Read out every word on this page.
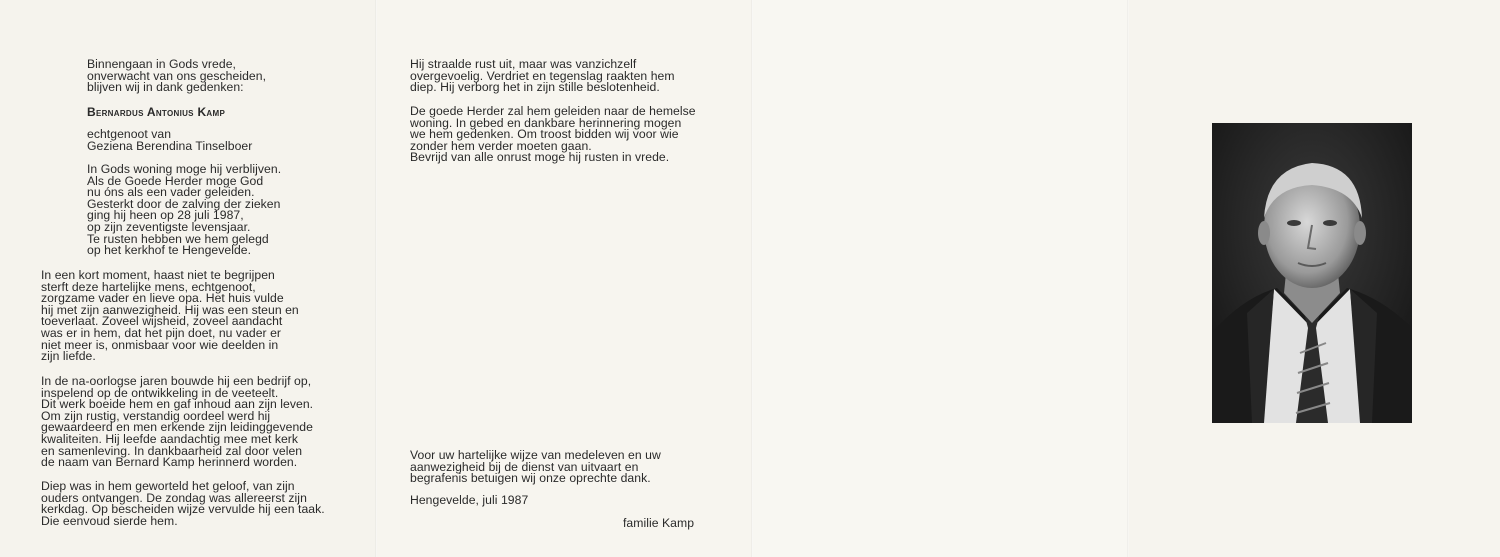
Binnengaan in Gods vrede,
onverwacht van ons gescheiden,
blijven wij in dank gedenken:

Bernardus Antonius Kamp

echtgenoot van
Geziena Berendina Tinselboer

In Gods woning moge hij verblijven.
Als de Goede Herder moge God
nu óns als een vader geleiden.
Gesterkt door de zalving der zieken
ging hij heen op 28 juli 1987,
op zijn zeventigste levensjaar.
Te rusten hebben we hem gelegd
op het kerkhof te Hengevelde.

In een kort moment, haast niet te begrijpen
sterft deze hartelijke mens, echtgenoot,
zorgzame vader en lieve opa. Het huis vulde
hij met zijn aanwezigheid. Hij was een steun en
toeverlaat. Zoveel wijsheid, zoveel aandacht
was er in hem, dat het pijn doet, nu vader er
niet meer is, onmisbaar voor wie deelden in
zijn liefde.

In de na-oorlogse jaren bouwde hij een bedrijf op,
inspelend op de ontwikkeling in de veeteelt.
Dit werk boeide hem en gaf inhoud aan zijn leven.
Om zijn rustig, verstandig oordeel werd hij
gewaardeerd en men erkende zijn leidinggevende
kwaliteiten. Hij leefde aandachtig mee met kerk
en samenleving. In dankbaarheid zal door velen
de naam van Bernard Kamp herinnerd worden.

Diep was in hem geworteld het geloof, van zijn
ouders ontvangen. De zondag was allereerst zijn
kerkdag. Op bescheiden wijze vervulde hij een taak.
Die eenvoud sierde hem.

Hij straalde rust uit, maar was vanzichzelf
overgevoelig. Verdriet en tegenslag raakten hem
diep. Hij verborg het in zijn stille beslotenheid.

De goede Herder zal hem geleiden naar de hemelse
woning. In gebed en dankbare herinnering mogen
we hem gedenken. Om troost bidden wij voor wie
zonder hem verder moeten gaan.
Bevrijd van alle onrust moge hij rusten in vrede.

Voor uw hartelijke wijze van medeleven en uw
aanwezigheid bij de dienst van uitvaart en
begrafenis betuigen wij onze oprechte dank.

Hengevelde, juli 1987

familie Kamp
